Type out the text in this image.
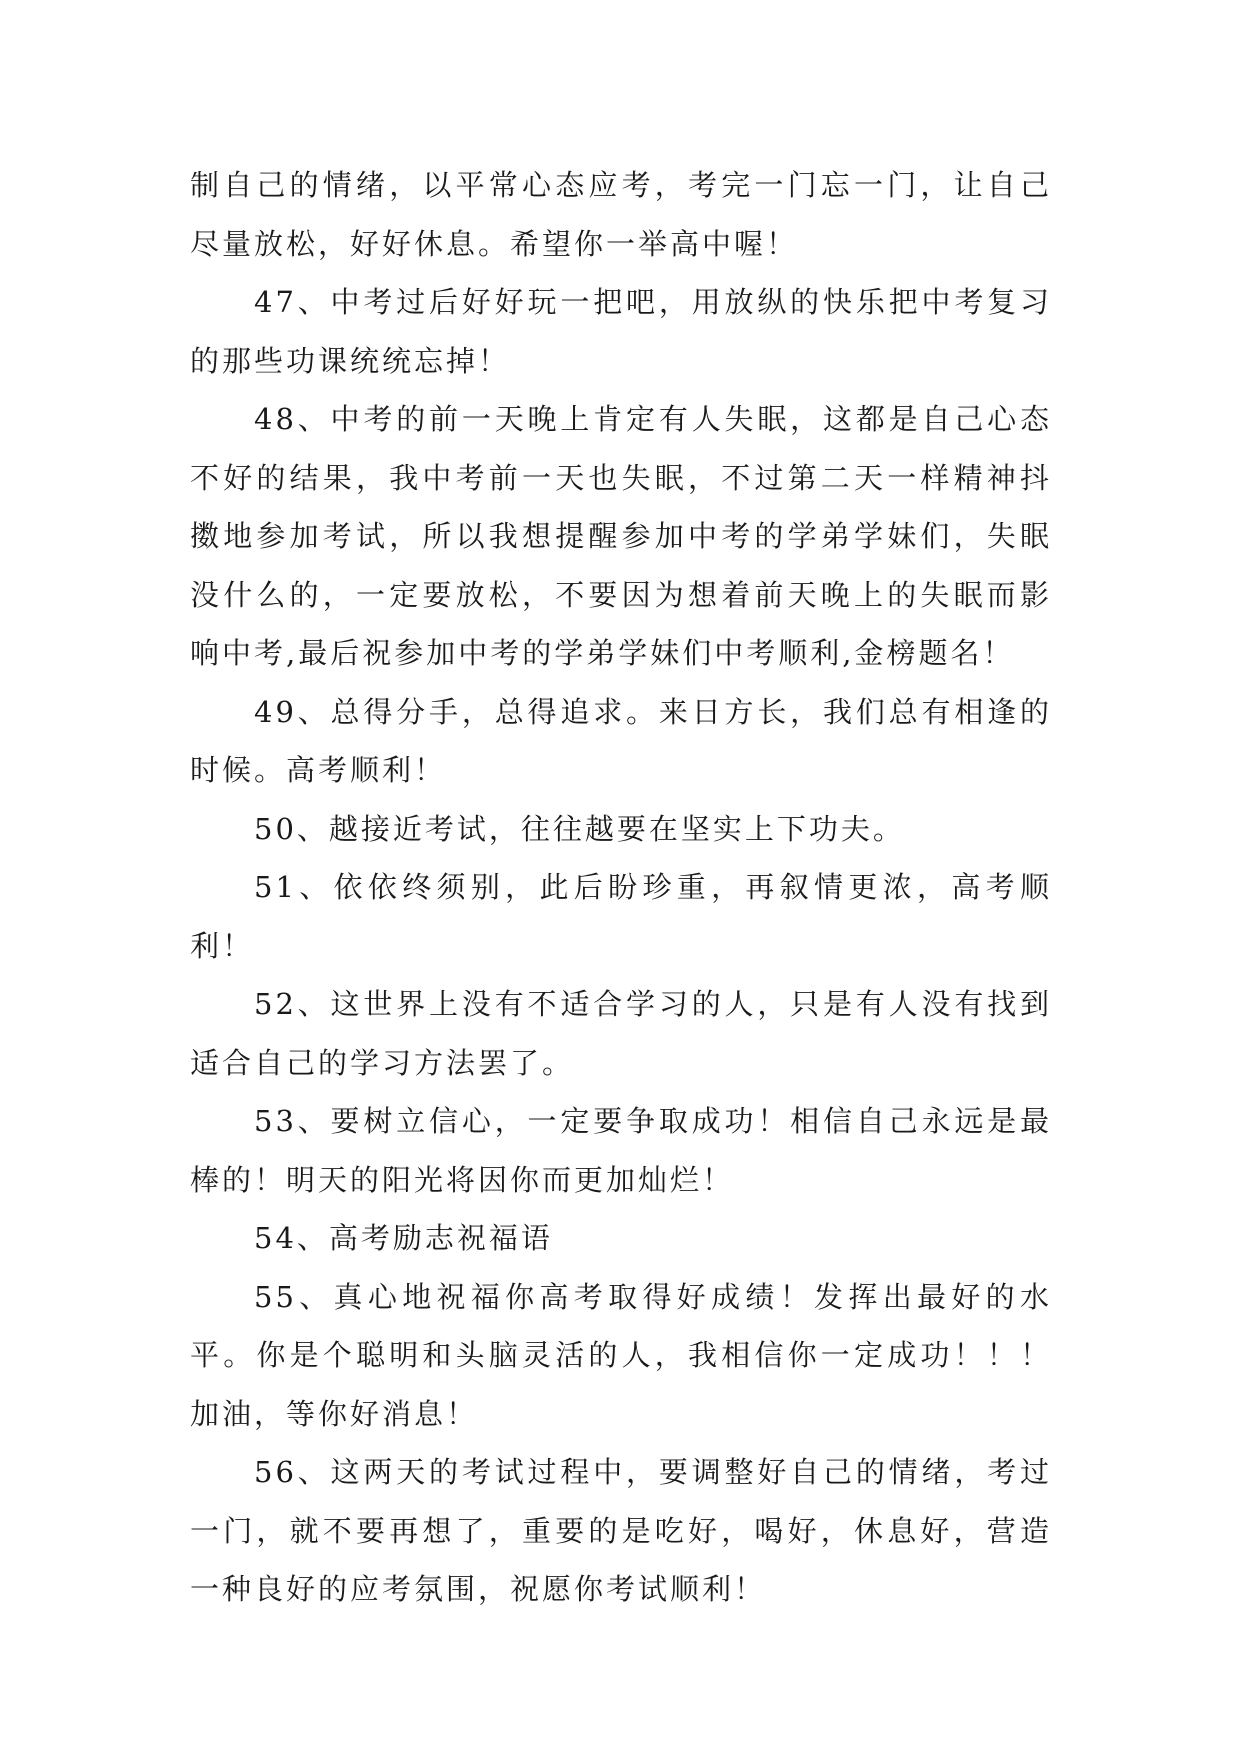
制自己的情绪，以平常心态应考，考完一门忘一门，让自己尽量放松，好好休息。希望你一举高中喔！

47、中考过后好好玩一把吧，用放纵的快乐把中考复习的那些功课统统忘掉！

48、中考的前一天晚上肯定有人失眠，这都是自己心态不好的结果，我中考前一天也失眠，不过第二天一样精神抖擞地参加考试，所以我想提醒参加中考的学弟学妹们，失眠没什么的，一定要放松，不要因为想着前天晚上的失眠而影响中考,最后祝参加中考的学弟学妹们中考顺利,金榜题名！

49、总得分手，总得追求。来日方长，我们总有相逢的时候。高考顺利！

50、越接近考试，往往越要在坚实上下功夫。

51、依依终须别，此后盼珍重，再叙情更浓，高考顺利！

52、这世界上没有不适合学习的人，只是有人没有找到适合自己的学习方法罢了。

53、要树立信心，一定要争取成功！相信自己永远是最棒的！明天的阳光将因你而更加灿烂！

54、高考励志祝福语

55、真心地祝福你高考取得好成绩！发挥出最好的水平。你是个聪明和头脑灵活的人，我相信你一定成功！！！加油，等你好消息！

56、这两天的考试过程中，要调整好自己的情绪，考过一门，就不要再想了，重要的是吃好，喝好，休息好，营造一种良好的应考氛围，祝愿你考试顺利！
